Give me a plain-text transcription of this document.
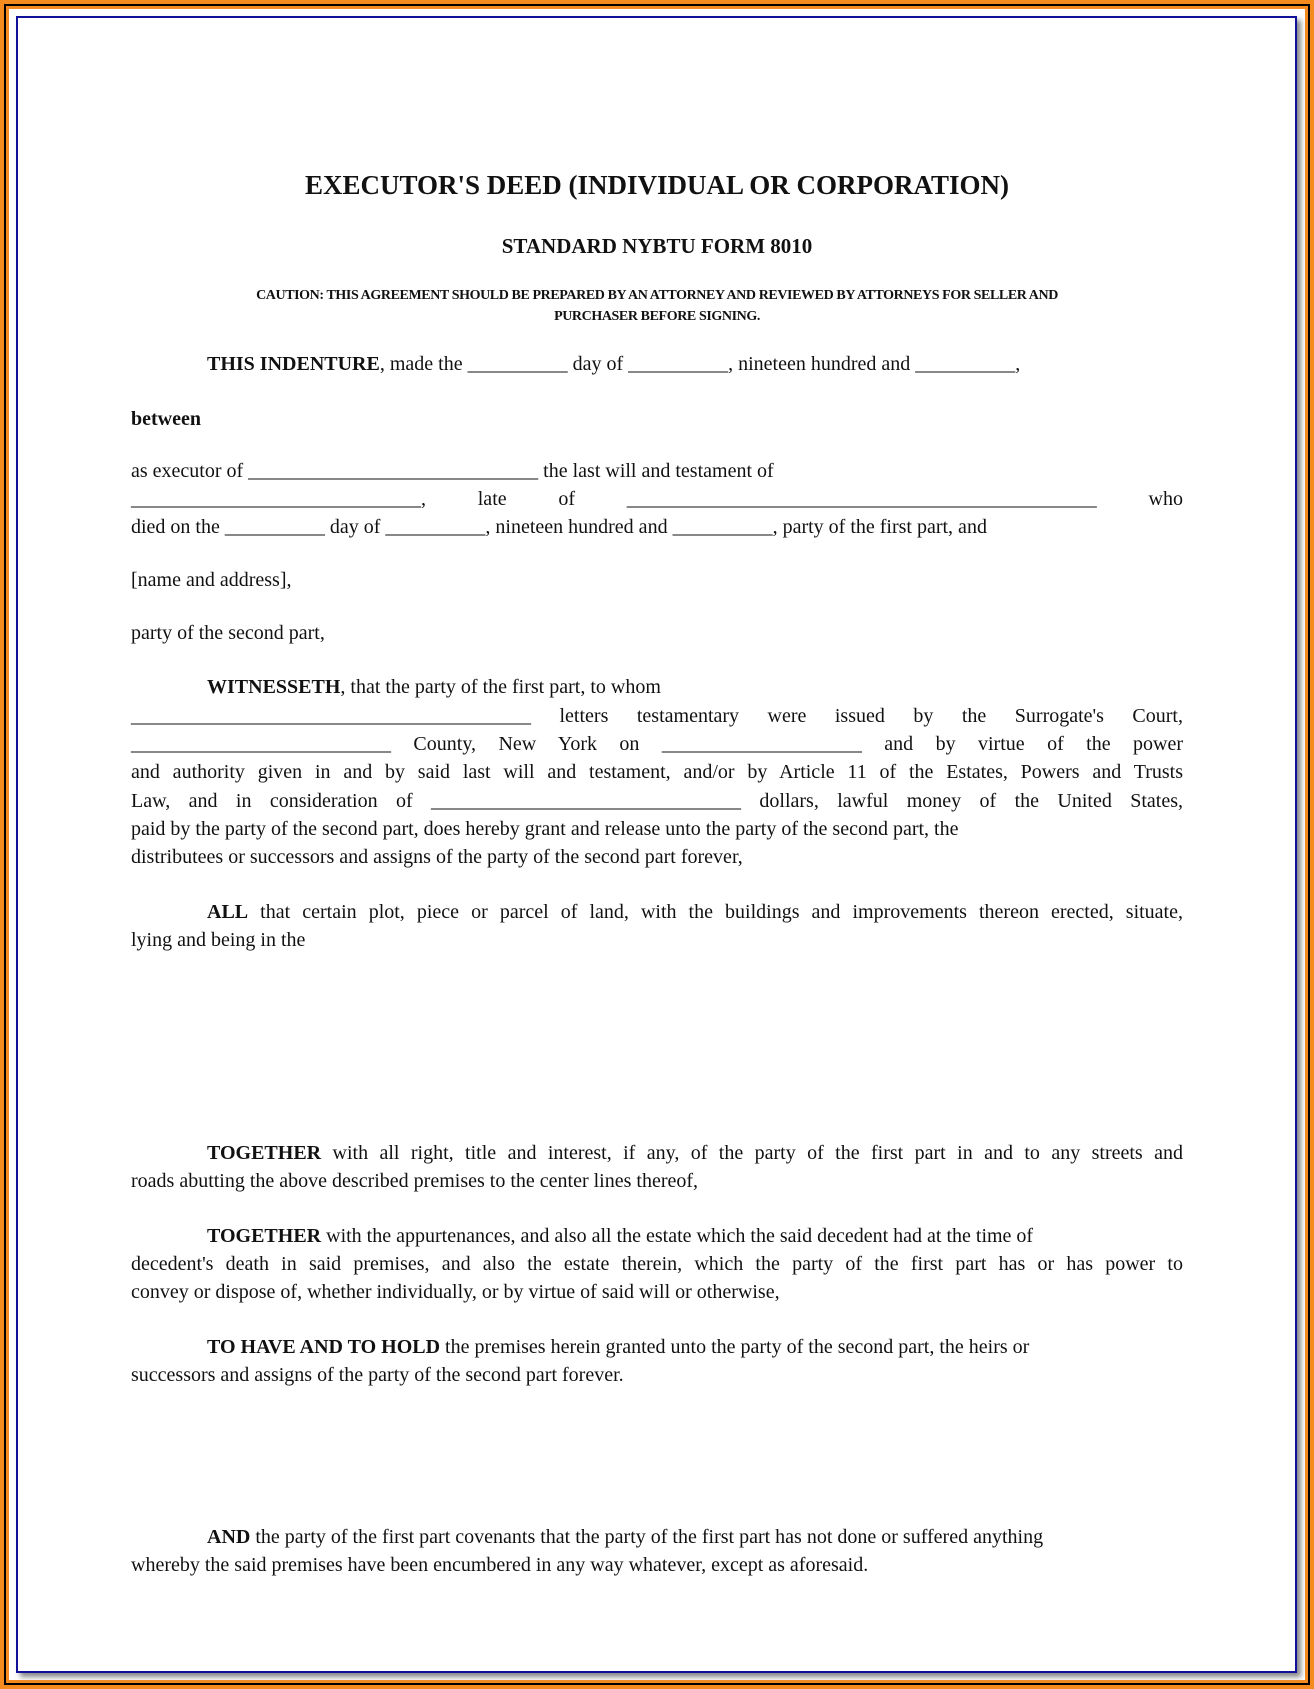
EXECUTOR'S DEED (INDIVIDUAL OR CORPORATION)
STANDARD NYBTU FORM 8010
CAUTION: THIS AGREEMENT SHOULD BE PREPARED BY AN ATTORNEY AND REVIEWED BY ATTORNEYS FOR SELLER AND
PURCHASER BEFORE SIGNING.
THIS INDENTURE, made the __________ day of __________, nineteen hundred and __________,
between
as executor of _____________________________ the last will and testament of
_____________________________, late of _______________________________________________ who
died on the __________ day of __________, nineteen hundred and __________, party of the first part, and
[name and address],
party of the second part,
WITNESSETH, that the party of the first part, to whom
________________________________________ letters testamentary were issued by the Surrogate's Court,
__________________________ County, New York on ____________________ and by virtue of the power
and authority given in and by said last will and testament, and/or by Article 11 of the Estates, Powers and Trusts
Law, and in consideration of _______________________________ dollars, lawful money of the United States,
paid by the party of the second part, does hereby grant and release unto the party of the second part, the
distributees or successors and assigns of the party of the second part forever,
ALL that certain plot, piece or parcel of land, with the buildings and improvements thereon erected, situate,
lying and being in the
TOGETHER with all right, title and interest, if any, of the party of the first part in and to any streets and
roads abutting the above described premises to the center lines thereof,
TOGETHER with the appurtenances, and also all the estate which the said decedent had at the time of
decedent's death in said premises, and also the estate therein, which the party of the first part has or has power to
convey or dispose of, whether individually, or by virtue of said will or otherwise,
TO HAVE AND TO HOLD the premises herein granted unto the party of the second part, the heirs or
successors and assigns of the party of the second part forever.
AND the party of the first part covenants that the party of the first part has not done or suffered anything
whereby the said premises have been encumbered in any way whatever, except as aforesaid.
